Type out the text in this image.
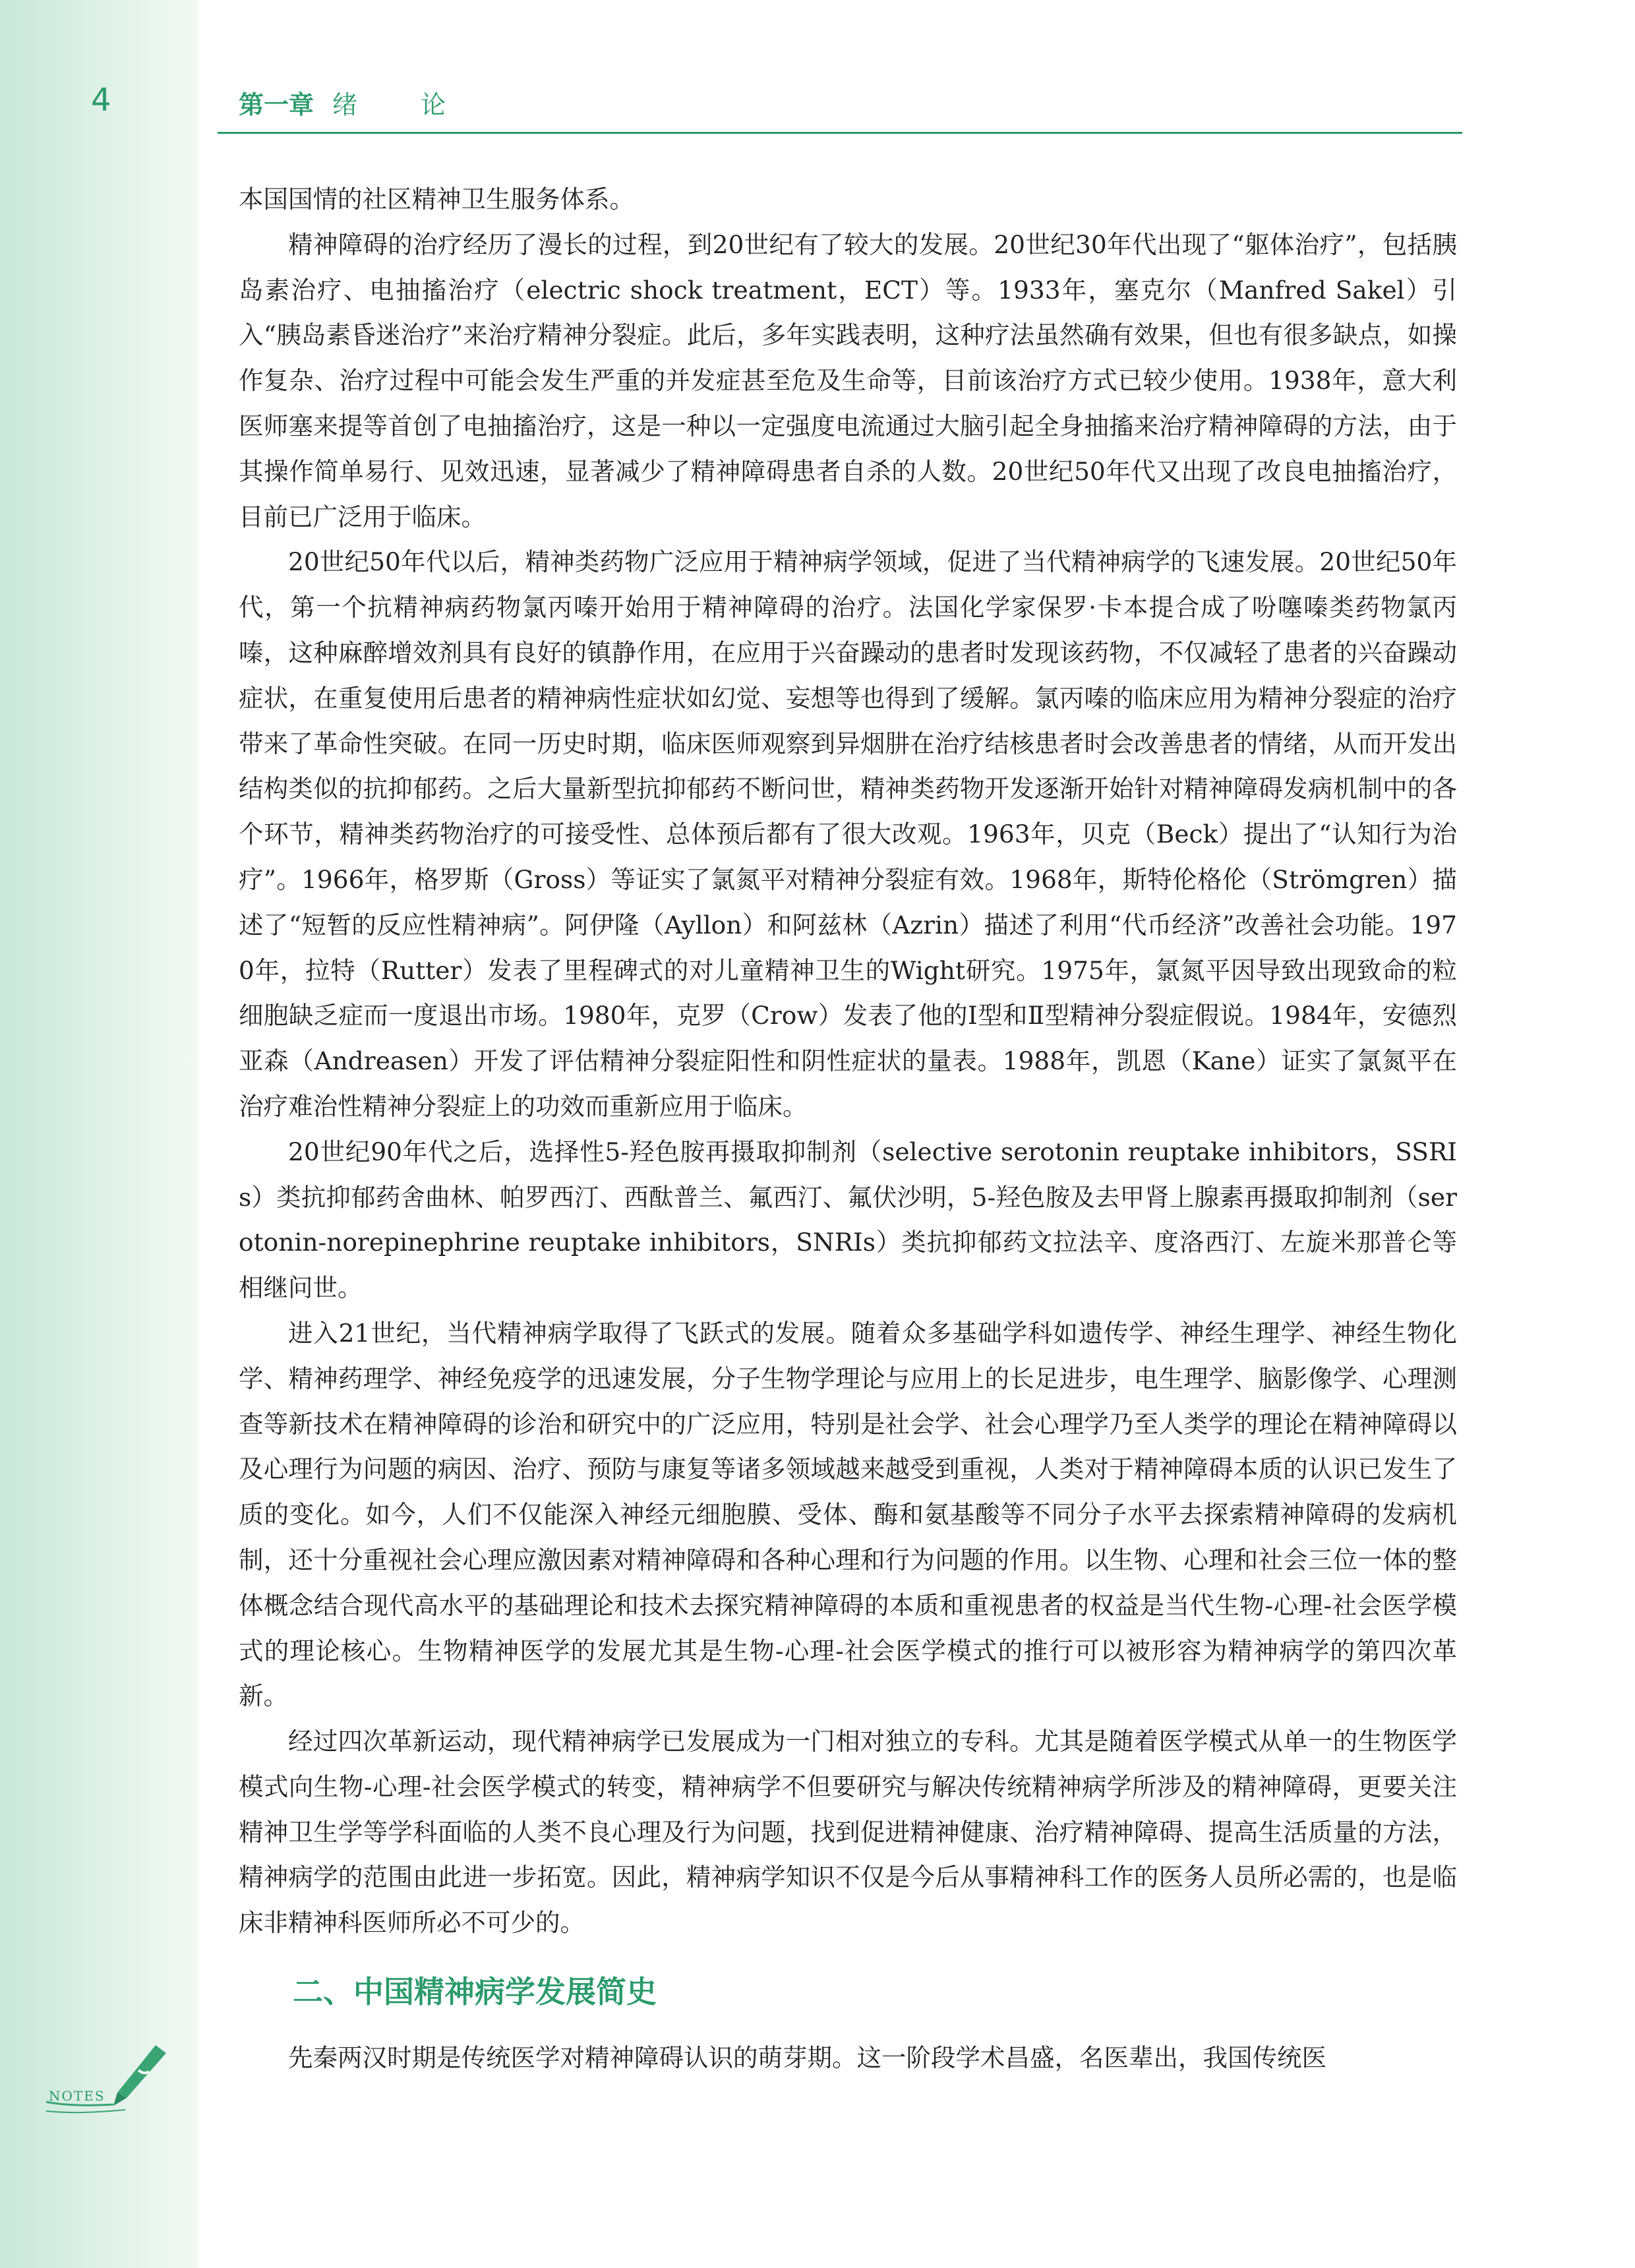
4	第一章 绪 论

本国国情的社区精神卫生服务体系。

精神障碍的治疗经历了漫长的过程，到20世纪有了较大的发展。20世纪30年代出现了“躯体治疗”，包括胰岛素治疗、电抽搐治疗（electric shock treatment，ECT）等。1933年，塞克尔（Manfred Sakel）引入“胰岛素昏迷治疗”来治疗精神分裂症。此后，多年实践表明，这种疗法虽然确有效果，但也有很多缺点，如操作复杂、治疗过程中可能会发生严重的并发症甚至危及生命等，目前该治疗方式已较少使用。1938年，意大利医师塞来提等首创了电抽搐治疗，这是一种以一定强度电流通过大脑引起全身抽搐来治疗精神障碍的方法，由于其操作简单易行、见效迅速，显著减少了精神障碍患者自杀的人数。20世纪50年代又出现了改良电抽搐治疗，目前已广泛用于临床。

20世纪50年代以后，精神类药物广泛应用于精神病学领域，促进了当代精神病学的飞速发展。20世纪50年代，第一个抗精神病药物氯丙嗪开始用于精神障碍的治疗。法国化学家保罗·卡本提合成了吩噻嗪类药物氯丙嗪，这种麻醉增效剂具有良好的镇静作用，在应用于兴奋躁动的患者时发现该药物，不仅减轻了患者的兴奋躁动症状，在重复使用后患者的精神病性症状如幻觉、妄想等也得到了缓解。氯丙嗪的临床应用为精神分裂症的治疗带来了革命性突破。在同一历史时期，临床医师观察到异烟肼在治疗结核患者时会改善患者的情绪，从而开发出结构类似的抗抑郁药。之后大量新型抗抑郁药不断问世，精神类药物开发逐渐开始针对精神障碍发病机制中的各个环节，精神类药物治疗的可接受性、总体预后都有了很大改观。1963年，贝克（Beck）提出了“认知行为治疗”。1966年，格罗斯（Gross）等证实了氯氮平对精神分裂症有效。1968年，斯特伦格伦（Strömgren）描述了“短暂的反应性精神病”。阿伊隆（Ayllon）和阿兹林（Azrin）描述了利用“代币经济”改善社会功能。1970年，拉特（Rutter）发表了里程碑式的对儿童精神卫生的Wight研究。1975年，氯氮平因导致出现致命的粒细胞缺乏症而一度退出市场。1980年，克罗（Crow）发表了他的Ⅰ型和Ⅱ型精神分裂症假说。1984年，安德烈亚森（Andreasen）开发了评估精神分裂症阳性和阴性症状的量表。1988年，凯恩（Kane）证实了氯氮平在治疗难治性精神分裂症上的功效而重新应用于临床。

20世纪90年代之后，选择性5-羟色胺再摄取抑制剂（selective serotonin reuptake inhibitors，SSRIs）类抗抑郁药舍曲林、帕罗西汀、西酞普兰、氟西汀、氟伏沙明，5-羟色胺及去甲肾上腺素再摄取抑制剂（serotonin-norepinephrine reuptake inhibitors，SNRIs）类抗抑郁药文拉法辛、度洛西汀、左旋米那普仑等相继问世。

进入21世纪，当代精神病学取得了飞跃式的发展。随着众多基础学科如遗传学、神经生理学、神经生物化学、精神药理学、神经免疫学的迅速发展，分子生物学理论与应用上的长足进步，电生理学、脑影像学、心理测查等新技术在精神障碍的诊治和研究中的广泛应用，特别是社会学、社会心理学乃至人类学的理论在精神障碍以及心理行为问题的病因、治疗、预防与康复等诸多领域越来越受到重视，人类对于精神障碍本质的认识已发生了质的变化。如今，人们不仅能深入神经元细胞膜、受体、酶和氨基酸等不同分子水平去探索精神障碍的发病机制，还十分重视社会心理应激因素对精神障碍和各种心理和行为问题的作用。以生物、心理和社会三位一体的整体概念结合现代高水平的基础理论和技术去探究精神障碍的本质和重视患者的权益是当代生物-心理-社会医学模式的理论核心。生物精神医学的发展尤其是生物-心理-社会医学模式的推行可以被形容为精神病学的第四次革新。

经过四次革新运动，现代精神病学已发展成为一门相对独立的专科。尤其是随着医学模式从单一的生物医学模式向生物-心理-社会医学模式的转变，精神病学不但要研究与解决传统精神病学所涉及的精神障碍，更要关注精神卫生学等学科面临的人类不良心理及行为问题，找到促进精神健康、治疗精神障碍、提高生活质量的方法，精神病学的范围由此进一步拓宽。因此，精神病学知识不仅是今后从事精神科工作的医务人员所必需的，也是临床非精神科医师所必不可少的。

二、中国精神病学发展简史

先秦两汉时期是传统医学对精神障碍认识的萌芽期。这一阶段学术昌盛，名医辈出，我国传统医

NOTES
